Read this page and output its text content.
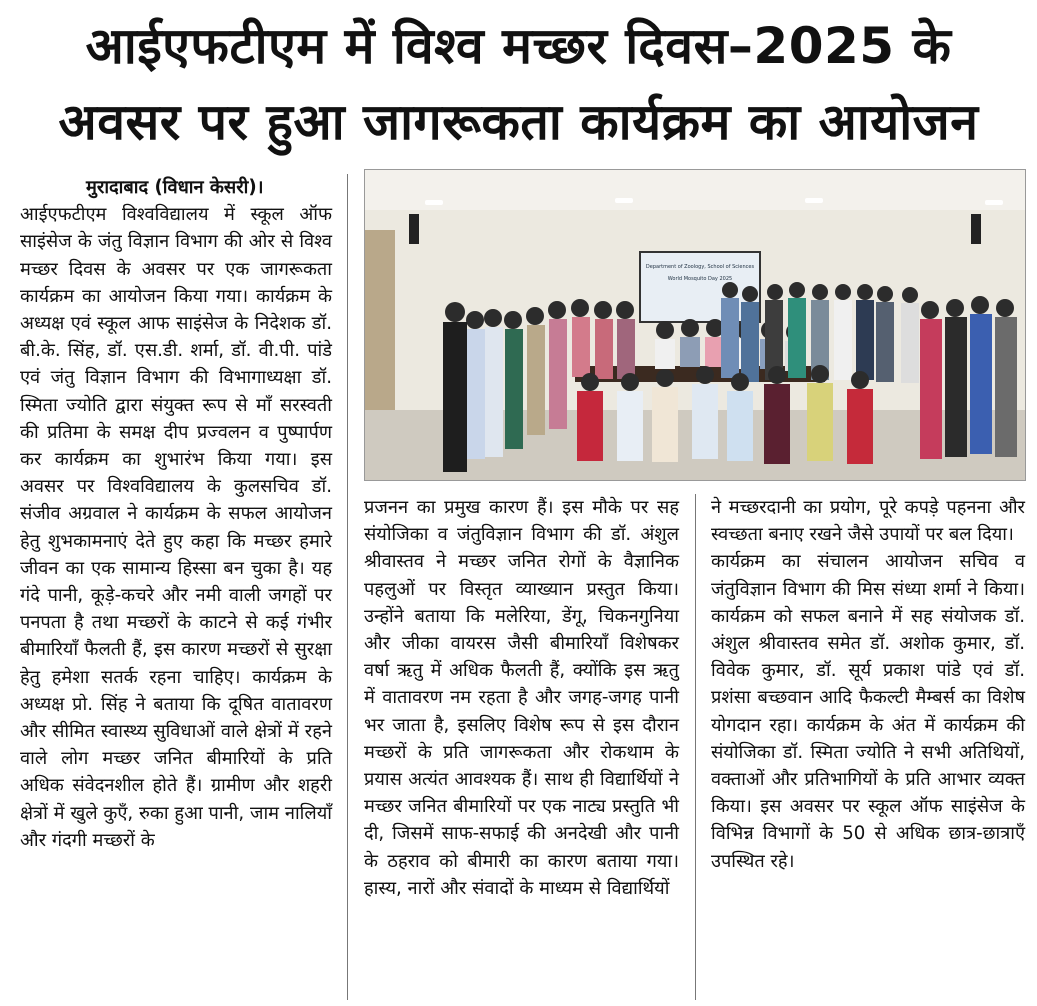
आईएफटीएम में विश्व मच्छर दिवस–2025 के
अवसर पर हुआ जागरूकता कार्यक्रम का आयोजन

मुरादाबाद (विधान केसरी)।

आईएफटीएम विश्वविद्यालय में स्कूल ऑफ साइंसेज के जंतु विज्ञान विभाग की ओर से विश्व मच्छर दिवस के अवसर पर एक जागरूकता कार्यक्रम का आयोजन किया गया। कार्यक्रम के अध्यक्ष एवं स्कूल आफ साइंसेज के निदेशक डॉ. बी.के. सिंह, डॉ. एस.डी. शर्मा, डॉ. वी.पी. पांडे एवं जंतु विज्ञान विभाग की विभागाध्यक्षा डॉ. स्मिता ज्योति द्वारा संयुक्त रूप से माँ सरस्वती की प्रतिमा के समक्ष दीप प्रज्वलन व पुष्पार्पण कर कार्यक्रम का शुभारंभ किया गया। इस अवसर पर विश्वविद्यालय के कुलसचिव डॉ. संजीव अग्रवाल ने कार्यक्रम के सफल आयोजन हेतु शुभकामनाएं देते हुए कहा कि मच्छर हमारे जीवन का एक सामान्य हिस्सा बन चुका है। यह गंदे पानी, कूड़े-कचरे और नमी वाली जगहों पर पनपता है तथा मच्छरों के काटने से कई गंभीर बीमारियाँ फैलती हैं, इस कारण मच्छरों से सुरक्षा हेतु हमेशा सतर्क रहना चाहिए। कार्यक्रम के अध्यक्ष प्रो. सिंह ने बताया कि दूषित वातावरण और सीमित स्वास्थ्य सुविधाओं वाले क्षेत्रों में रहने वाले लोग मच्छर जनित बीमारियों के प्रति अधिक संवेदनशील होते हैं। ग्रामीण और शहरी क्षेत्रों में खुले कुएँ, रुका हुआ पानी, जाम नालियाँ और गंदगी मच्छरों के

Department of Zoology, School of Sciences
World Mosquito Day 2025

प्रजनन का प्रमुख कारण हैं। इस मौके पर सह संयोजिका व जंतुविज्ञान विभाग की डॉ. अंशुल श्रीवास्तव ने मच्छर जनित रोगों के वैज्ञानिक पहलुओं पर विस्तृत व्याख्यान प्रस्तुत किया। उन्होंने बताया कि मलेरिया, डेंगू, चिकनगुनिया और जीका वायरस जैसी बीमारियाँ विशेषकर वर्षा ऋतु में अधिक फैलती हैं, क्योंकि इस ऋतु में वातावरण नम रहता है और जगह-जगह पानी भर जाता है, इसलिए विशेष रूप से इस दौरान मच्छरों के प्रति जागरूकता और रोकथाम के प्रयास अत्यंत आवश्यक हैं। साथ ही विद्यार्थियों ने मच्छर जनित बीमारियों पर एक नाट्य प्रस्तुति भी दी, जिसमें साफ-सफाई की अनदेखी और पानी के ठहराव को बीमारी का कारण बताया गया। हास्य, नारों और संवादों के माध्यम से विद्यार्थियों

ने मच्छरदानी का प्रयोग, पूरे कपड़े पहनना और स्वच्छता बनाए रखने जैसे उपायों पर बल दिया।

कार्यक्रम का संचालन आयोजन सचिव व जंतुविज्ञान विभाग की मिस संध्या शर्मा ने किया। कार्यक्रम को सफल बनाने में सह संयोजक डॉ. अंशुल श्रीवास्तव समेत डॉ. अशोक कुमार, डॉ. विवेक कुमार, डॉ. सूर्य प्रकाश पांडे एवं डॉ. प्रशंसा बच्छवान आदि फैकल्टी मैम्बर्स का विशेष योगदान रहा। कार्यक्रम के अंत में कार्यक्रम की संयोजिका डॉ. स्मिता ज्योति ने सभी अतिथियों, वक्ताओं और प्रतिभागियों के प्रति आभार व्यक्त किया। इस अवसर पर स्कूल ऑफ साइंसेज के विभिन्न विभागों के 50 से अधिक छात्र-छात्राएँ उपस्थित रहे।
